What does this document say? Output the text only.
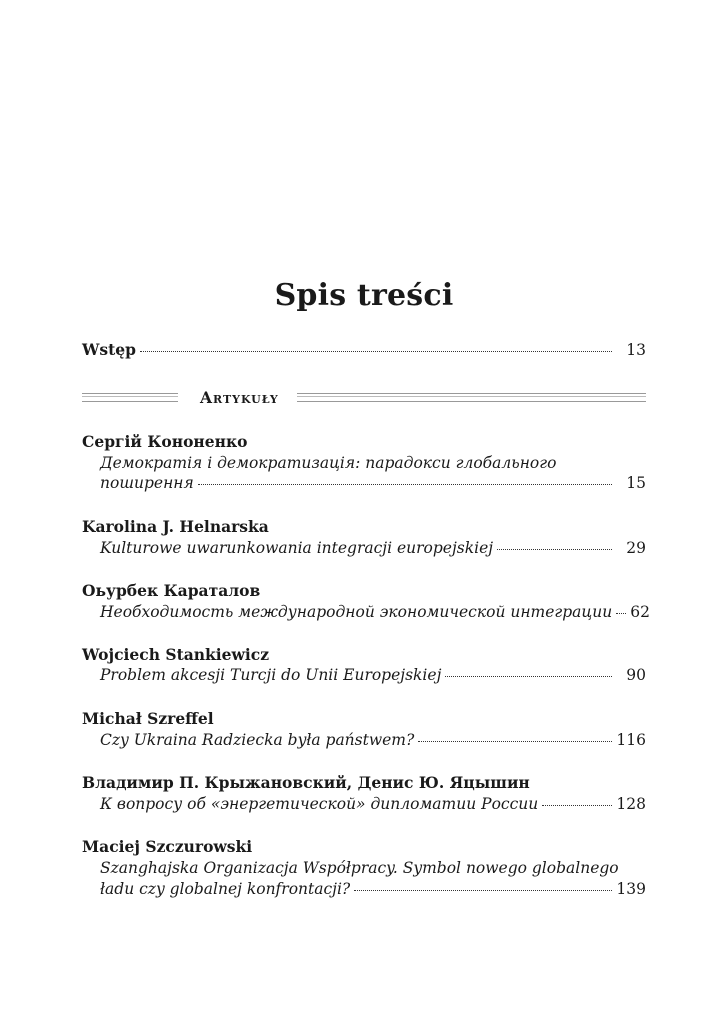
Spis treści
Wstęp	13
Artykuły
Сергій Кононенко
Демократія і демократизація: парадокси глобального
поширення	15
Karolina J. Helnarska
Kulturowe uwarunkowania integracji europejskiej	29
Оьурбек Караталов
Необходимость международной экономической интеграции 62
Wojciech Stankiewicz
Problem akcesji Turcji do Unii Europejskiej	90
Michał Szreffel
Czy Ukraina Radziecka była państwem?	116
Владимир П. Крыжановский, Денис Ю. Яцышин
К вопросу об «энергетической» дипломатии России	128
Maciej Szczurowski
Szanghajska Organizacja Współpracy. Symbol nowego globalnego
ładu czy globalnej konfrontacji?	139
